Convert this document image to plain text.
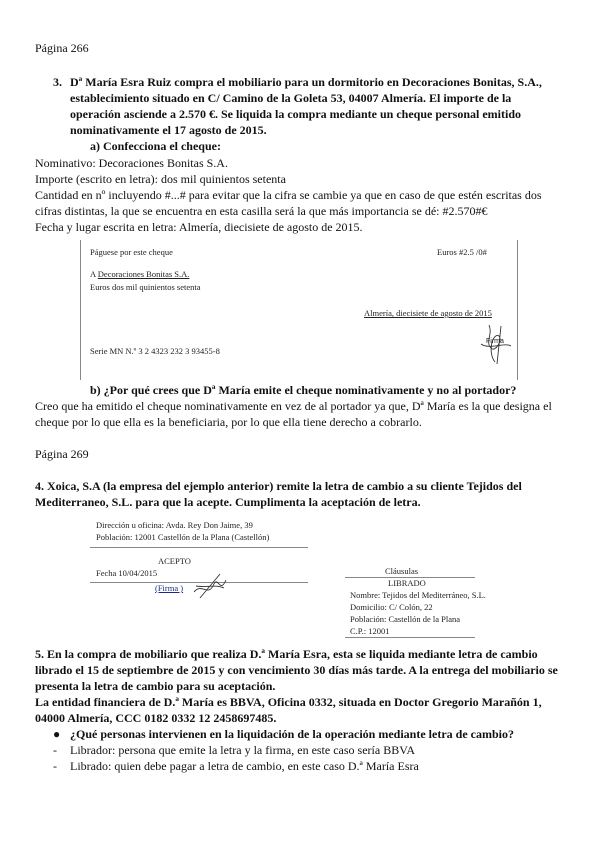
Página 266
3. Dª María Esra Ruiz compra el mobiliario para un dormitorio en Decoraciones Bonitas, S.A.,
establecimiento situado en C/ Camino de la Goleta 53, 04007 Almería. El importe de la
operación asciende a 2.570 €. Se liquida la compra mediante un cheque personal emitido
nominativamente el 17 agosto de 2015.
a) Confecciona el cheque:
Nominativo: Decoraciones Bonitas S.A.
Importe (escrito en letra): dos mil quinientos setenta
Cantidad en nº incluyendo #...# para evitar que la cifra se cambie ya que en caso de que estén escritas dos
cifras distintas, la que se encuentra en esta casilla será la que más importancia se dé: #2.570#€
Fecha y lugar escrita en letra: Almería, diecisiete de agosto de 2015.
Páguese por este cheque	Euros #2.5 /0#
A Decoraciones Bonitas S.A.
Euros dos mil quinientos setenta
Almería, diecisiete de agosto de 2015
Firma
Serie MN N.º 3 2 4323 232 3 93455-8
b) ¿Por qué crees que Dª María emite el cheque nominativamente y no al portador?
Creo que ha emitido el cheque nominativamente en vez de al portador ya que, Dª María es la que designa el
cheque por lo que ella es la beneficiaria, por lo que ella tiene derecho a cobrarlo.
Página 269
4. Xoica, S.A (la empresa del ejemplo anterior) remite la letra de cambio a su cliente Tejidos del
Mediterraneo, S.L. para que la acepte. Cumplimenta la aceptación de letra.
Dirección u oficina: Avda. Rey Don Jaime, 39
Población: 12001 Castellón de la Plana (Castellón)
ACEPTO
Fecha 10/04/2015
(Firma )
Cláusulas
LIBRADO
Nombre: Tejidos del Mediterráneo, S.L.
Domicilio: C/ Colón, 22
Población: Castellón de la Plana
C.P.: 12001
5. En la compra de mobiliario que realiza D.ª María Esra, esta se liquida mediante letra de cambio
librado el 15 de septiembre de 2015 y con vencimiento 30 días más tarde. A la entrega del mobiliario se
presenta la letra de cambio para su aceptación.
La entidad financiera de D.ª María es BBVA, Oficina 0332, situada en Doctor Gregorio Marañón 1,
04000 Almería, CCC 0182 0332 12 2458697485.
● ¿Qué personas intervienen en la liquidación de la operación mediante letra de cambio?
- Librador: persona que emite la letra y la firma, en este caso sería BBVA
- Librado: quien debe pagar a letra de cambio, en este caso D.ª María Esra
